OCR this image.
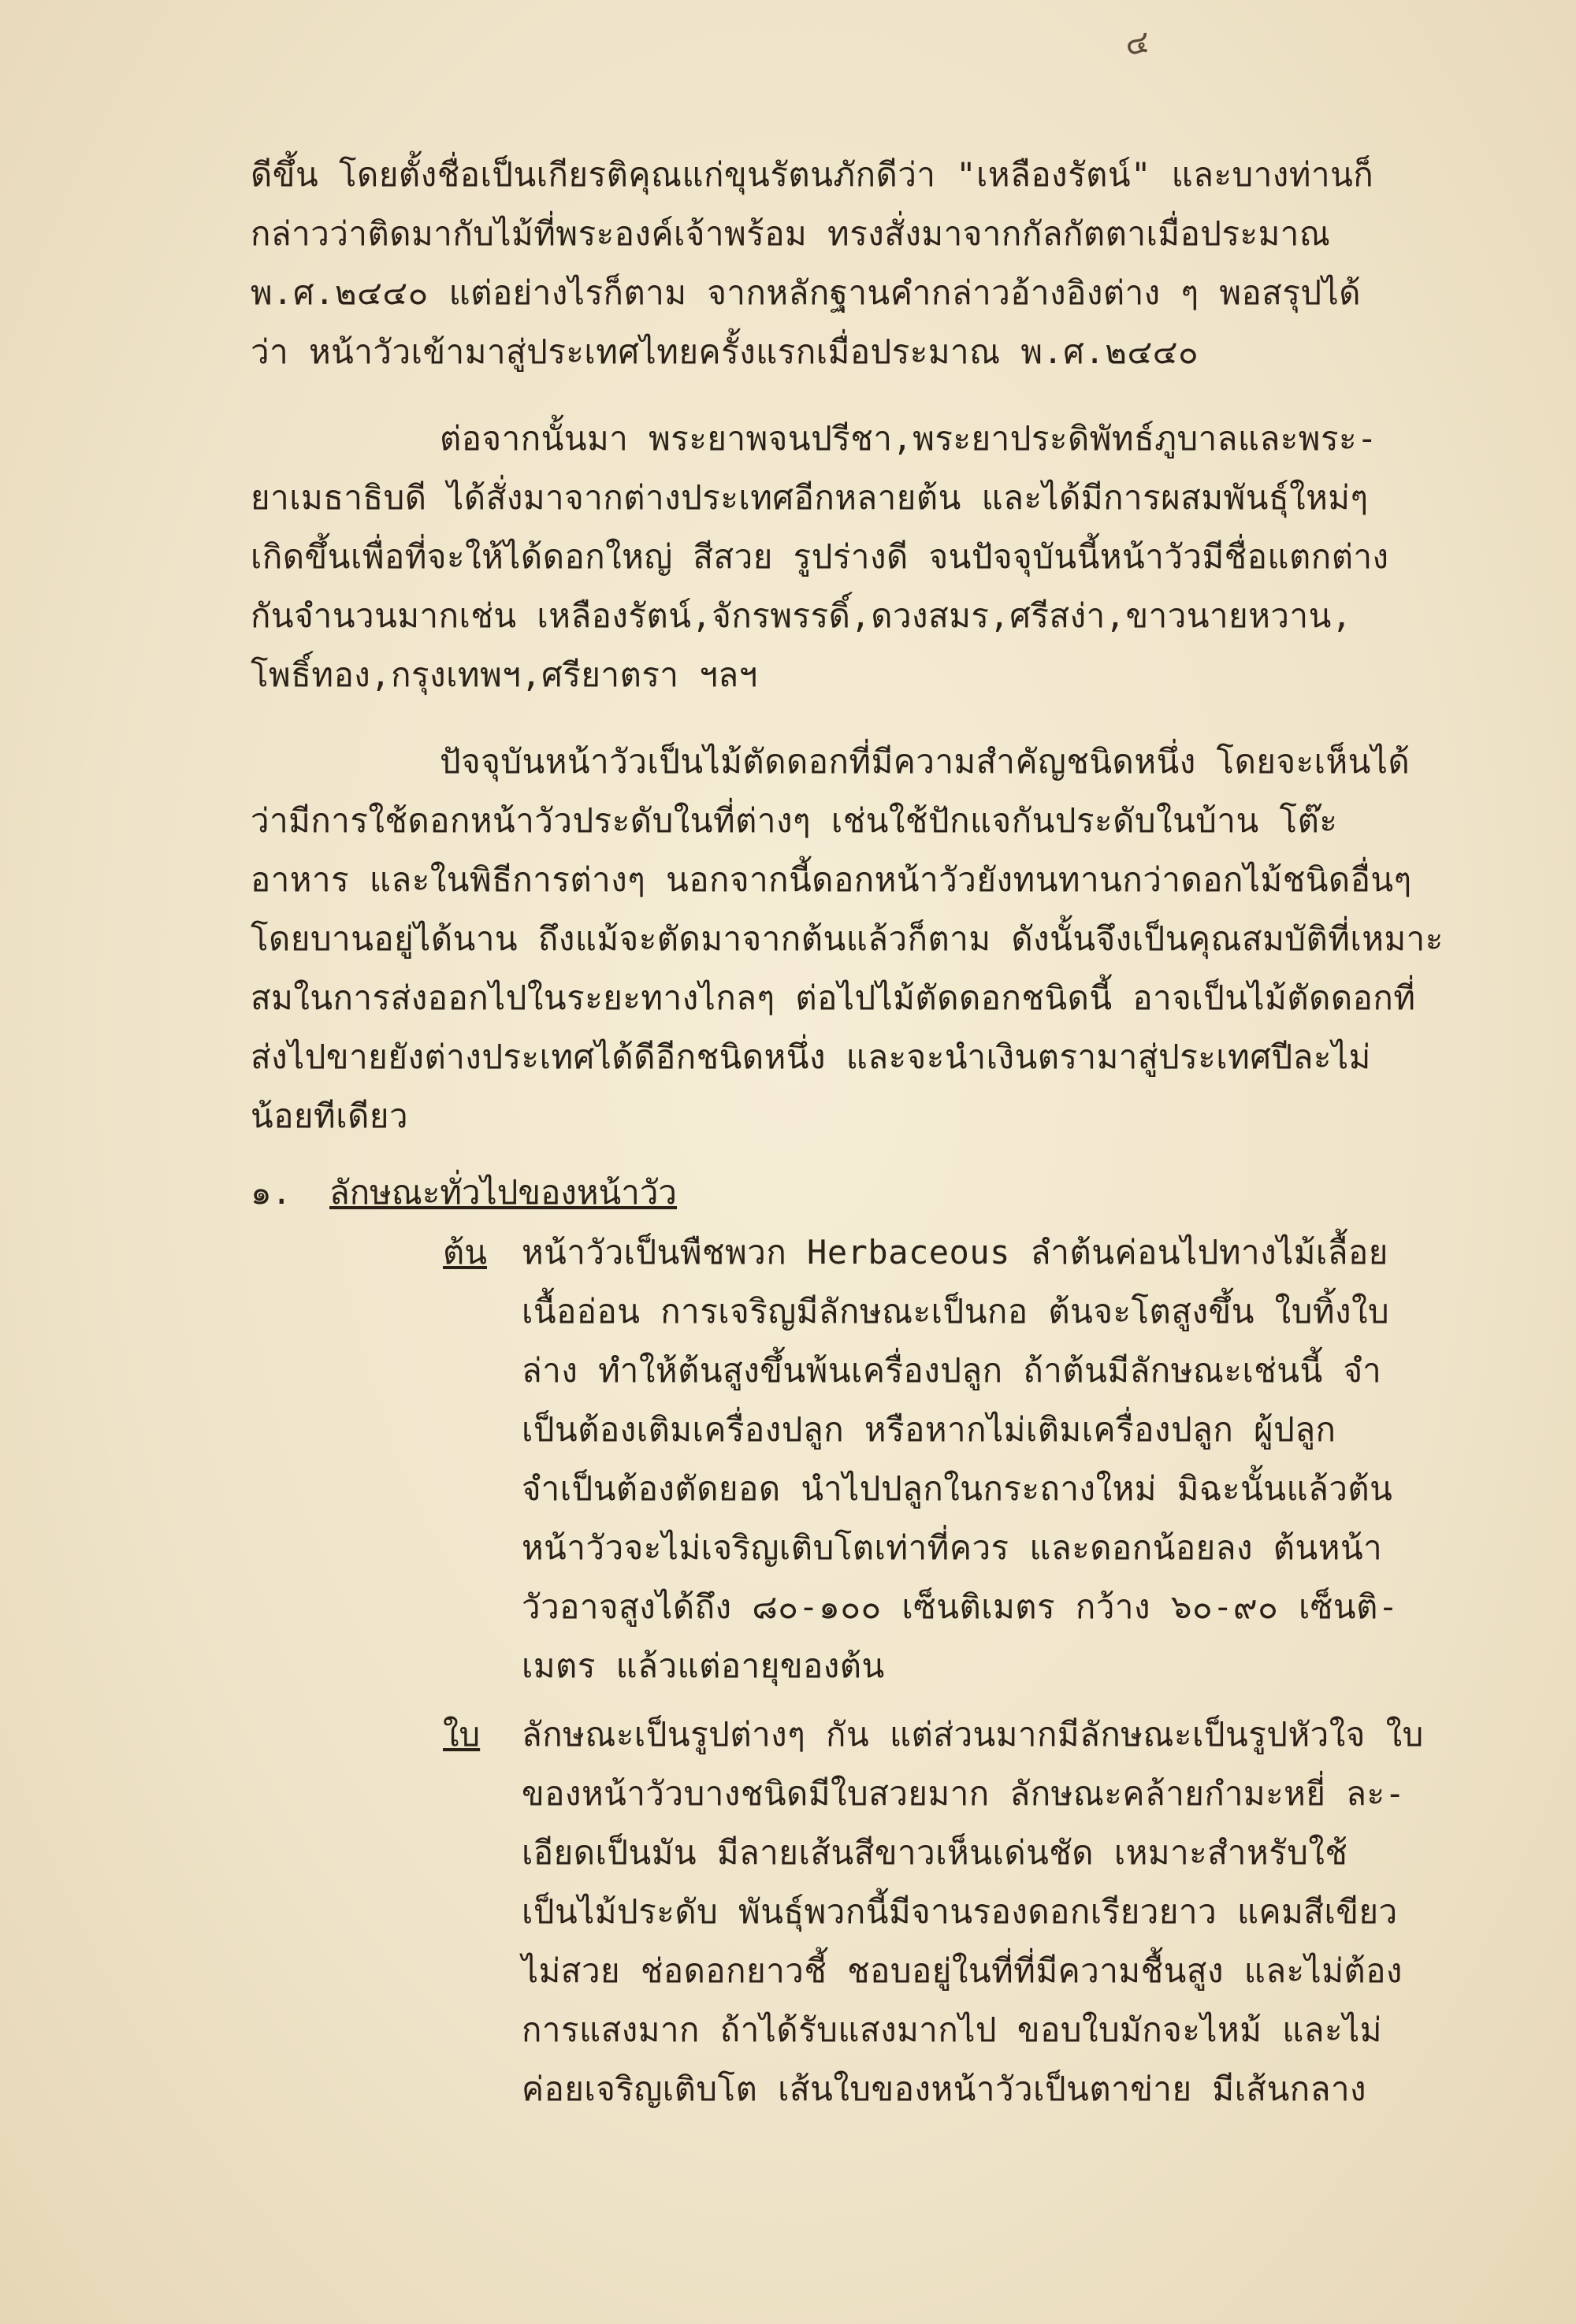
๔
ดีขึ้น โดยตั้งชื่อเป็นเกียรติคุณแก่ขุนรัตนภักดีว่า "เหลืองรัตน์" และบางท่านก็
กล่าวว่าติดมากับไม้ที่พระองค์เจ้าพร้อม ทรงสั่งมาจากกัลกัตตาเมื่อประมาณ
พ.ศ.๒๔๔๐ แต่อย่างไรก็ตาม จากหลักฐานคำกล่าวอ้างอิงต่าง ๆ พอสรุปได้
ว่า หน้าวัวเข้ามาสู่ประเทศไทยครั้งแรกเมื่อประมาณ พ.ศ.๒๔๔๐
ต่อจากนั้นมา พระยาพจนปรีชา,พระยาประดิพัทธ์ภูบาลและพระ-
ยาเมธาธิบดี ได้สั่งมาจากต่างประเทศอีกหลายต้น และได้มีการผสมพันธุ์ใหม่ๆ
เกิดขึ้นเพื่อที่จะให้ได้ดอกใหญ่ สีสวย รูปร่างดี จนปัจจุบันนี้หน้าวัวมีชื่อแตกต่าง
กันจำนวนมากเช่น เหลืองรัตน์,จักรพรรดิ์,ดวงสมร,ศรีสง่า,ขาวนายหวาน,
โพธิ์ทอง,กรุงเทพฯ,ศรียาตรา ฯลฯ
ปัจจุบันหน้าวัวเป็นไม้ตัดดอกที่มีความสำคัญชนิดหนึ่ง โดยจะเห็นได้
ว่ามีการใช้ดอกหน้าวัวประดับในที่ต่างๆ เช่นใช้ปักแจกันประดับในบ้าน โต๊ะ
อาหาร และในพิธีการต่างๆ นอกจากนี้ดอกหน้าวัวยังทนทานกว่าดอกไม้ชนิดอื่นๆ
โดยบานอยู่ได้นาน ถึงแม้จะตัดมาจากต้นแล้วก็ตาม ดังนั้นจึงเป็นคุณสมบัติที่เหมาะ
สมในการส่งออกไปในระยะทางไกลๆ ต่อไปไม้ตัดดอกชนิดนี้ อาจเป็นไม้ตัดดอกที่
ส่งไปขายยังต่างประเทศได้ดีอีกชนิดหนึ่ง และจะนำเงินตรามาสู่ประเทศปีละไม่
น้อยทีเดียว
๑. ลักษณะทั่วไปของหน้าวัว
ต้น หน้าวัวเป็นพืชพวก Herbaceous ลำต้นค่อนไปทางไม้เลื้อย
เนื้ออ่อน การเจริญมีลักษณะเป็นกอ ต้นจะโตสูงขึ้น ใบทิ้งใบ
ล่าง ทำให้ต้นสูงขึ้นพ้นเครื่องปลูก ถ้าต้นมีลักษณะเช่นนี้ จำ
เป็นต้องเติมเครื่องปลูก หรือหากไม่เติมเครื่องปลูก ผู้ปลูก
จำเป็นต้องตัดยอด นำไปปลูกในกระถางใหม่ มิฉะนั้นแล้วต้น
หน้าวัวจะไม่เจริญเติบโตเท่าที่ควร และดอกน้อยลง ต้นหน้า
วัวอาจสูงได้ถึง ๘๐-๑๐๐ เซ็นติเมตร กว้าง ๖๐-๙๐ เซ็นติ-
เมตร แล้วแต่อายุของต้น
ใบ ลักษณะเป็นรูปต่างๆ กัน แต่ส่วนมากมีลักษณะเป็นรูปหัวใจ ใบ
ของหน้าวัวบางชนิดมีใบสวยมาก ลักษณะคล้ายกำมะหยี่ ละ-
เอียดเป็นมัน มีลายเส้นสีขาวเห็นเด่นชัด เหมาะสำหรับใช้
เป็นไม้ประดับ พันธุ์พวกนี้มีจานรองดอกเรียวยาว แคมสีเขียว
ไม่สวย ช่อดอกยาวชี้ ชอบอยู่ในที่ที่มีความชื้นสูง และไม่ต้อง
การแสงมาก ถ้าได้รับแสงมากไป ขอบใบมักจะไหม้ และไม่
ค่อยเจริญเติบโต เส้นใบของหน้าวัวเป็นตาข่าย มีเส้นกลาง
